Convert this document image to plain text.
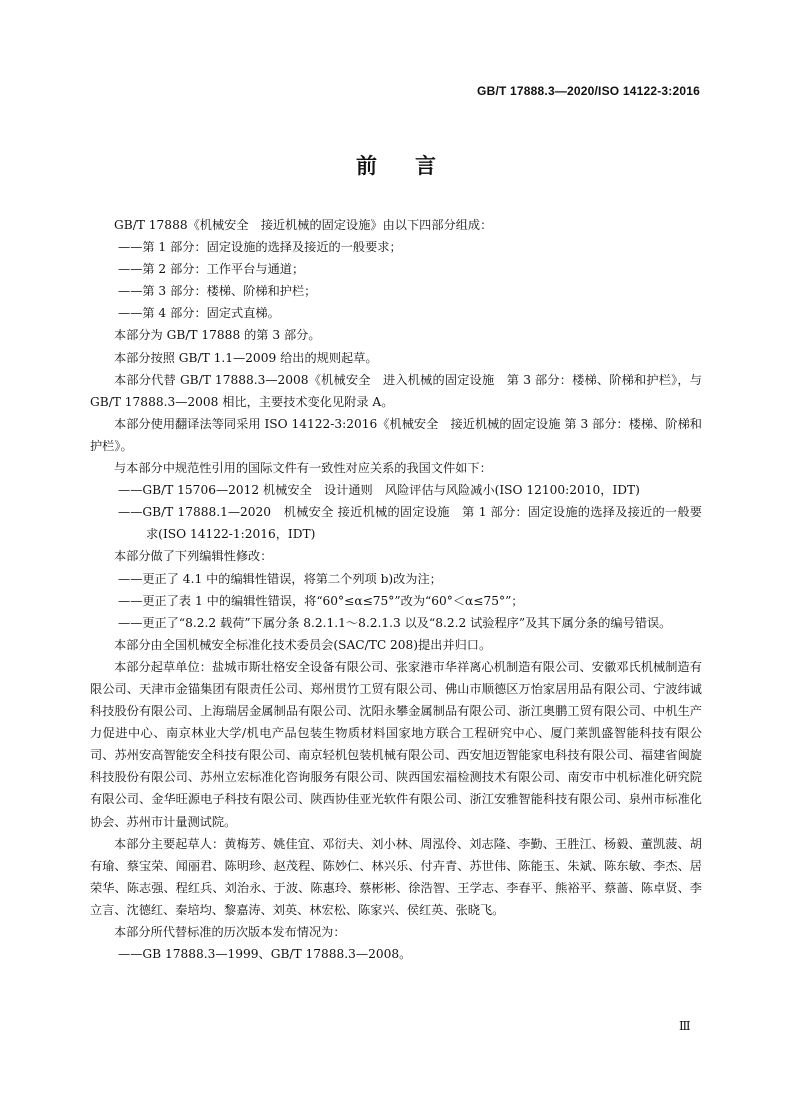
GB/T 17888.3—2020/ISO 14122-3:2016
前言

GB/T 17888《机械安全　接近机械的固定设施》由以下四部分组成：

——第 1 部分：固定设施的选择及接近的一般要求；

——第 2 部分：工作平台与通道；

——第 3 部分：楼梯、阶梯和护栏；

——第 4 部分：固定式直梯。

本部分为 GB/T 17888 的第 3 部分。

本部分按照 GB/T 1.1—2009 给出的规则起草。

本部分代替 GB/T 17888.3—2008《机械安全　进入机械的固定设施　第 3 部分：楼梯、阶梯和护栏》，与 GB/T 17888.3—2008 相比，主要技术变化见附录 A。

本部分使用翻译法等同采用 ISO 14122-3:2016《机械安全　接近机械的固定设施 第 3 部分：楼梯、阶梯和护栏》。

与本部分中规范性引用的国际文件有一致性对应关系的我国文件如下：

——GB/T 15706—2012 机械安全　设计通则　风险评估与风险减小(ISO 12100:2010，IDT)

——GB/T 17888.1—2020　机械安全 接近机械的固定设施　第 1 部分：固定设施的选择及接近的一般要求(ISO 14122-1:2016，IDT)

本部分做了下列编辑性修改：

——更正了 4.1 中的编辑性错误，将第二个列项 b)改为注；

——更正了表 1 中的编辑性错误，将“60°≤α≤75°”改为“60°＜α≤75°”；

——更正了“8.2.2 载荷”下属分条 8.2.1.1～8.2.1.3 以及“8.2.2 试验程序”及其下属分条的编号错误。

本部分由全国机械安全标准化技术委员会(SAC/TC 208)提出并归口。

本部分起草单位：盐城市斯壮格安全设备有限公司、张家港市华祥离心机制造有限公司、安徽邓氏机械制造有限公司、天津市金锚集团有限责任公司、郑州贯竹工贸有限公司、佛山市顺德区万怡家居用品有限公司、宁波纬诚科技股份有限公司、上海瑞居金属制品有限公司、沈阳永攀金属制品有限公司、浙江奥鹏工贸有限公司、中机生产力促进中心、南京林业大学/机电产品包装生物质材料国家地方联合工程研究中心、厦门莱凯盛智能科技有限公司、苏州安高智能安全科技有限公司、南京轻机包装机械有限公司、西安旭迈智能家电科技有限公司、福建省闽旋科技股份有限公司、苏州立宏标准化咨询服务有限公司、陕西国宏福检测技术有限公司、南安市中机标准化研究院有限公司、金华旺源电子科技有限公司、陕西协佳亚光软件有限公司、浙江安雅智能科技有限公司、泉州市标准化协会、苏州市计量测试院。

本部分主要起草人：黄梅芳、姚佳宜、邓衍夫、刘小林、周泓伶、刘志隆、李勤、王胜江、杨毅、董凯菠、胡有瑜、蔡宝荣、闻丽君、陈明珍、赵茂程、陈妙仁、林兴乐、付卉青、苏世伟、陈能玉、朱斌、陈东敏、李杰、居荣华、陈志强、程红兵、刘治永、于波、陈惠玲、蔡彬彬、徐浩智、王学志、李春平、熊裕平、蔡蔷、陈卓贤、李立言、沈德红、秦培均、黎嘉涛、刘英、林宏松、陈家兴、侯红英、张晓飞。

本部分所代替标准的历次版本发布情况为：

——GB 17888.3—1999、GB/T 17888.3—2008。

Ⅲ
